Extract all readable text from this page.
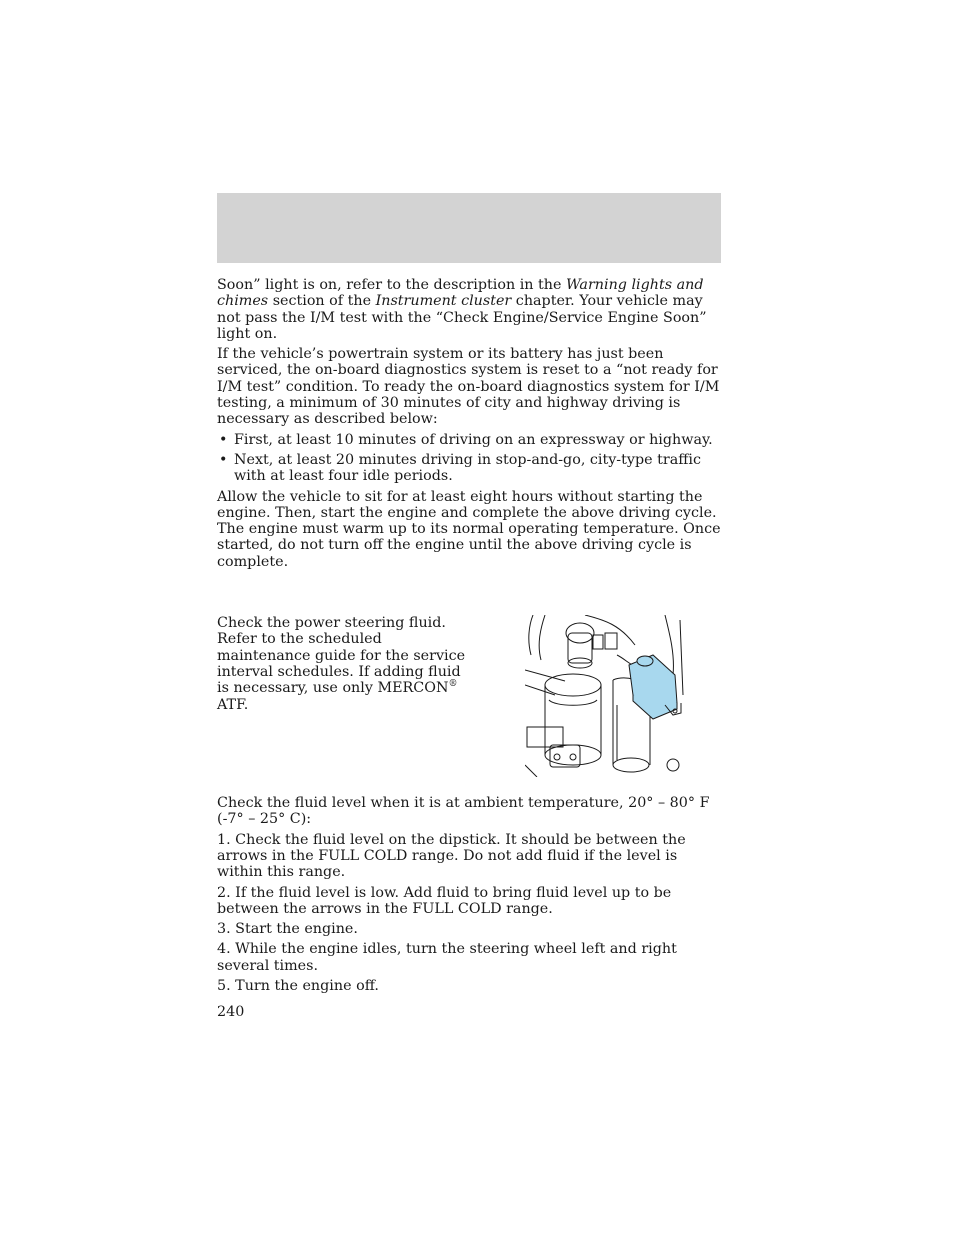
Soon” light is on, refer to the description in the Warning lights and chimes section of the Instrument cluster chapter. Your vehicle may not pass the I/M test with the “Check Engine/Service Engine Soon” light on.

If the vehicle’s powertrain system or its battery has just been serviced, the on-board diagnostics system is reset to a “not ready for I/M test” condition. To ready the on-board diagnostics system for I/M testing, a minimum of 30 minutes of city and highway driving is necessary as described below:

• First, at least 10 minutes of driving on an expressway or highway.
• Next, at least 20 minutes driving in stop-and-go, city-type traffic with at least four idle periods.

Allow the vehicle to sit for at least eight hours without starting the engine. Then, start the engine and complete the above driving cycle. The engine must warm up to its normal operating temperature. Once started, do not turn off the engine until the above driving cycle is complete.

Check the power steering fluid. Refer to the scheduled maintenance guide for the service interval schedules. If adding fluid is necessary, use only MERCON® ATF.

Check the fluid level when it is at ambient temperature, 20° – 80° F (-7° – 25° C):

1. Check the fluid level on the dipstick. It should be between the arrows in the FULL COLD range. Do not add fluid if the level is within this range.

2. If the fluid level is low. Add fluid to bring fluid level up to be between the arrows in the FULL COLD range.

3. Start the engine.

4. While the engine idles, turn the steering wheel left and right several times.

5. Turn the engine off.

240
